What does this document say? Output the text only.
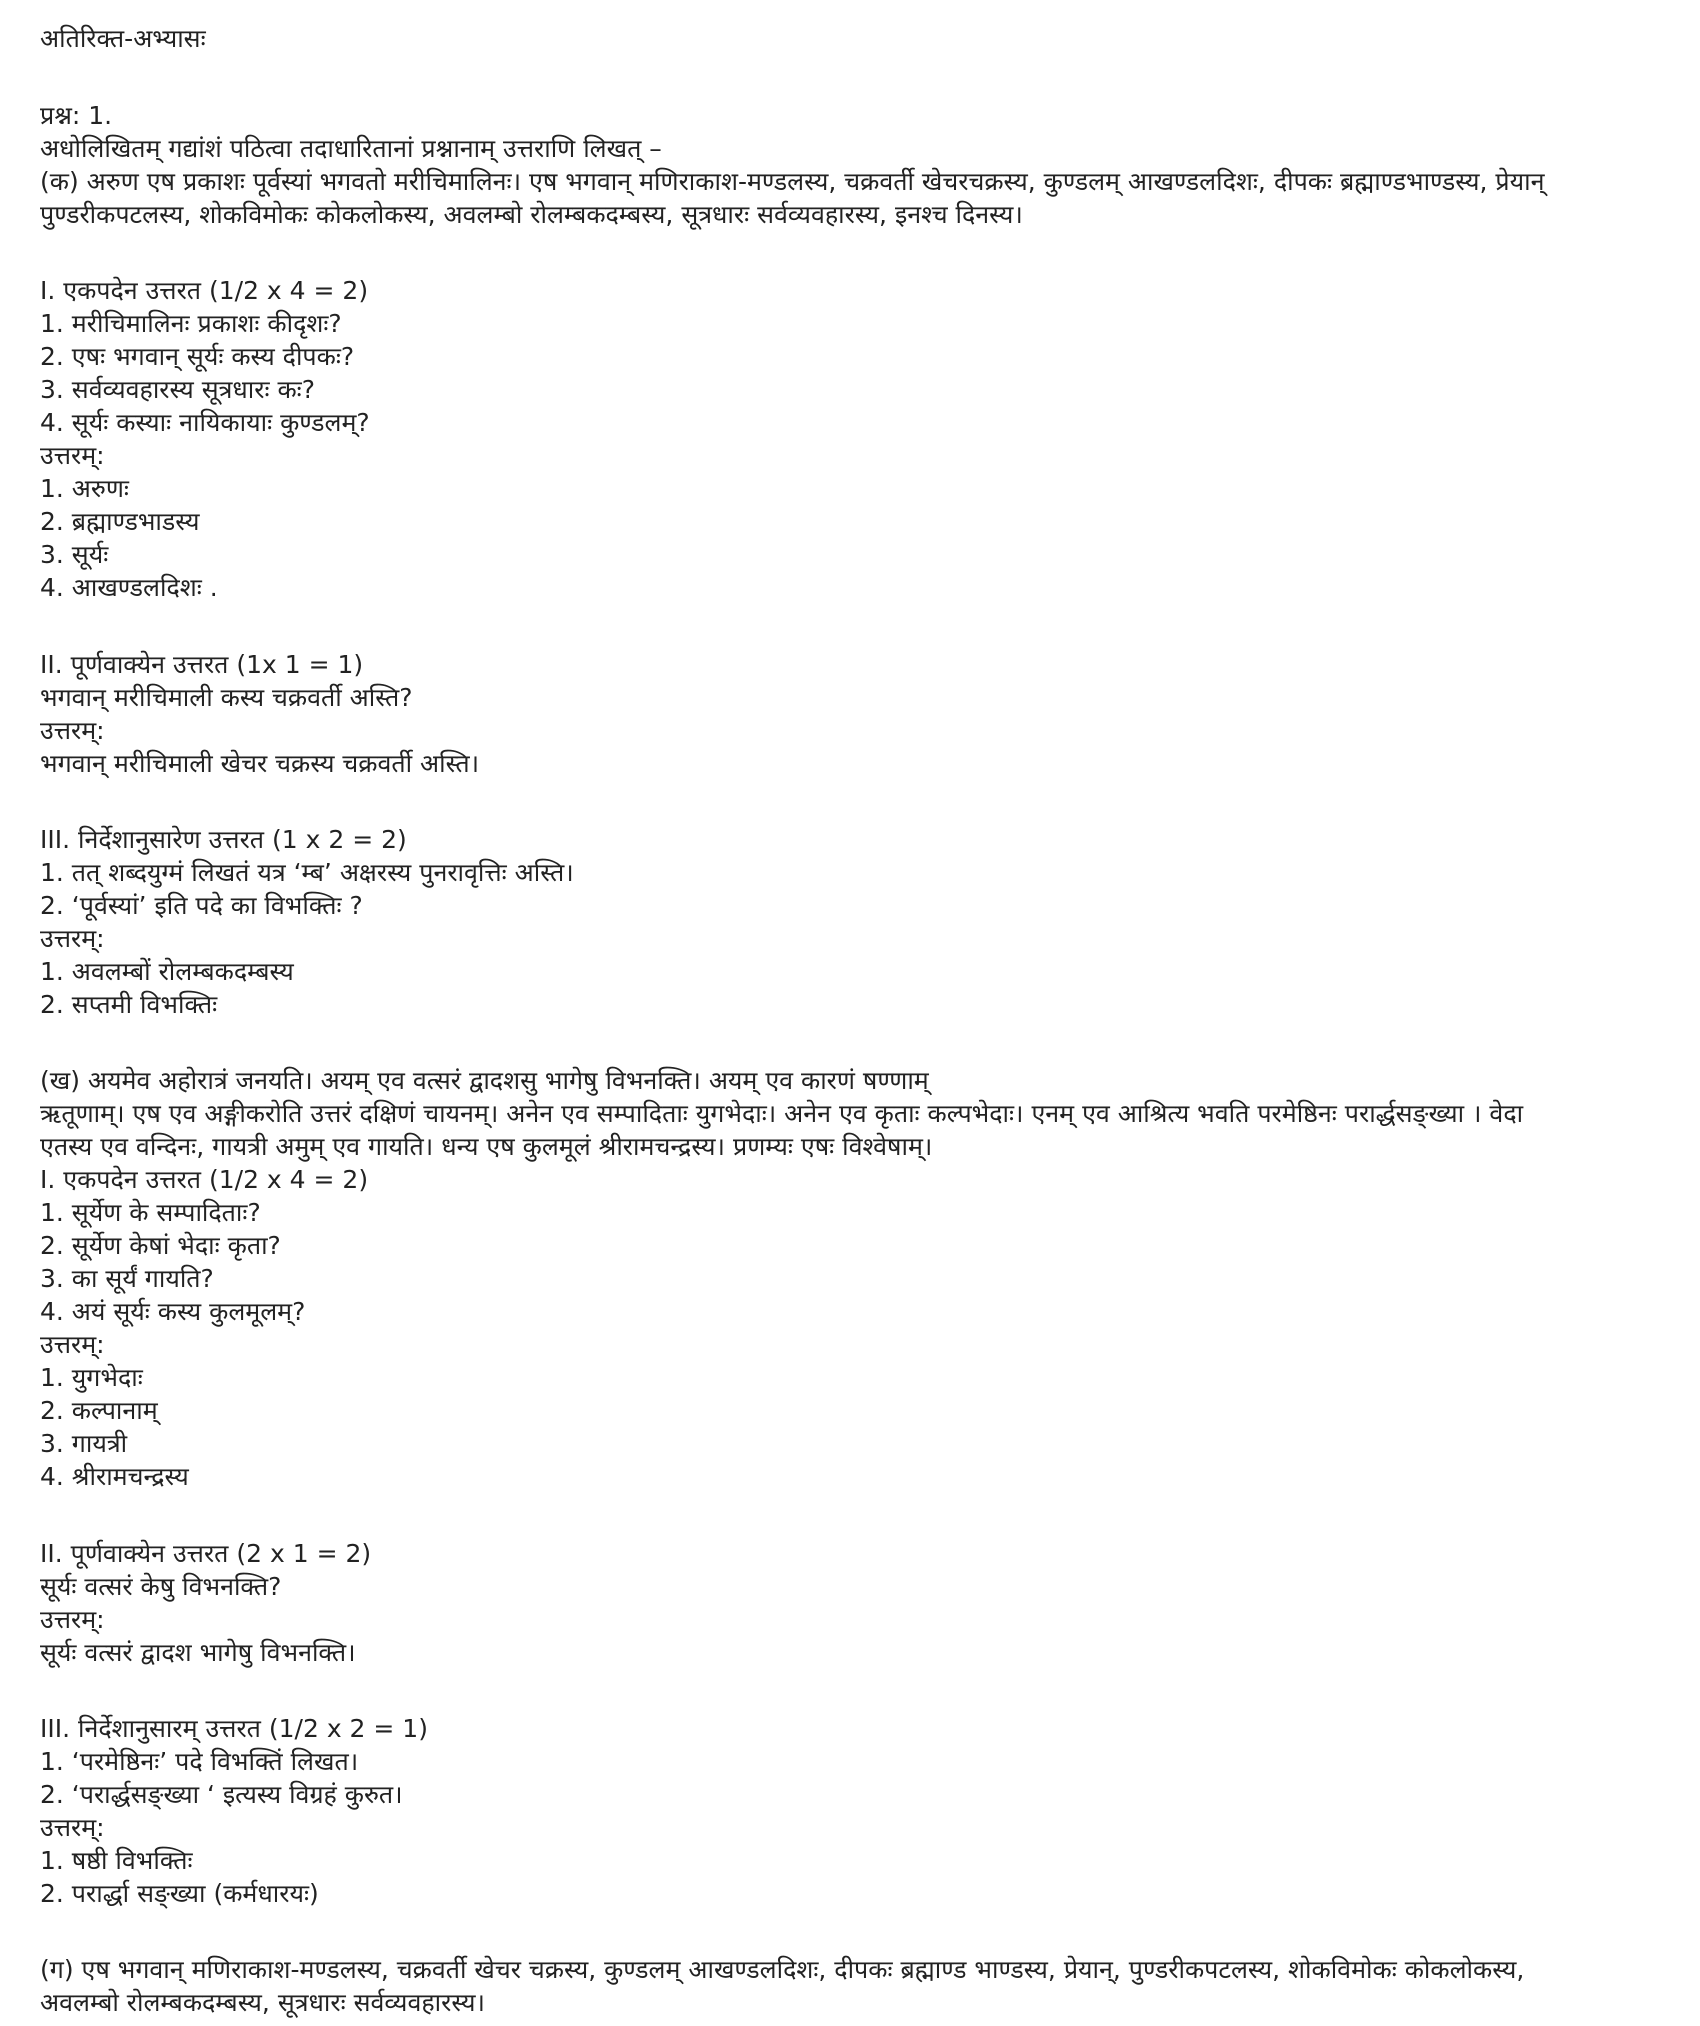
अतिरिक्त-अभ्यासः
प्रश्न: 1.
अधोलिखितम् गद्यांशं पठित्वा तदाधारितानां प्रश्नानाम् उत्तराणि लिखत् –
(क) अरुण एष प्रकाशः पूर्वस्यां भगवतो मरीचिमालिनः। एष भगवान् मणिराकाश-मण्डलस्य, चक्रवर्ती खेचरचक्रस्य, कुण्डलम् आखण्डलदिशः, दीपकः ब्रह्माण्डभाण्डस्य, प्रेयान्
पुण्डरीकपटलस्य, शोकविमोकः कोकलोकस्य, अवलम्बो रोलम्बकदम्बस्य, सूत्रधारः सर्वव्यवहारस्य, इनश्च दिनस्य।
I. एकपदेन उत्तरत (1/2 x 4 = 2)
1. मरीचिमालिनः प्रकाशः कीदृशः?
2. एषः भगवान् सूर्यः कस्य दीपकः?
3. सर्वव्यवहारस्य सूत्रधारः कः?
4. सूर्यः कस्याः नायिकायाः कुण्डलम्?
उत्तरम्:
1. अरुणः
2. ब्रह्माण्डभाडस्य
3. सूर्यः
4. आखण्डलदिशः .
II. पूर्णवाक्येन उत्तरत (1x 1 = 1)
भगवान् मरीचिमाली कस्य चक्रवर्ती अस्ति?
उत्तरम्:
भगवान् मरीचिमाली खेचर चक्रस्य चक्रवर्ती अस्ति।
III. निर्देशानुसारेण उत्तरत (1 x 2 = 2)
1. तत् शब्दयुग्मं लिखतं यत्र ‘म्ब’ अक्षरस्य पुनरावृत्तिः अस्ति।
2. ‘पूर्वस्यां’ इति पदे का विभक्तिः ?
उत्तरम्:
1. अवलम्बों रोलम्बकदम्बस्य
2. सप्तमी विभक्तिः
(ख) अयमेव अहोरात्रं जनयति। अयम् एव वत्सरं द्वादशसु भागेषु विभनक्ति। अयम् एव कारणं षण्णाम्
ऋतूणाम्। एष एव अङ्गीकरोति उत्तरं दक्षिणं चायनम्। अनेन एव सम्पादिताः युगभेदाः। अनेन एव कृताः कल्पभेदाः। एनम् एव आश्रित्य भवति परमेष्ठिनः परार्द्धसङ्ख्या । वेदा
एतस्य एव वन्दिनः, गायत्री अमुम् एव गायति। धन्य एष कुलमूलं श्रीरामचन्द्रस्य। प्रणम्यः एषः विश्वेषाम्।
I. एकपदेन उत्तरत (1/2 x 4 = 2)
1. सूर्येण के सम्पादिताः?
2. सूर्येण केषां भेदाः कृता?
3. का सूर्यं गायति?
4. अयं सूर्यः कस्य कुलमूलम्?
उत्तरम्:
1. युगभेदाः
2. कल्पानाम्
3. गायत्री
4. श्रीरामचन्द्रस्य
II. पूर्णवाक्येन उत्तरत (2 x 1 = 2)
सूर्यः वत्सरं केषु विभनक्ति?
उत्तरम्:
सूर्यः वत्सरं द्वादश भागेषु विभनक्ति।
III. निर्देशानुसारम् उत्तरत (1/2 x 2 = 1)
1. ‘परमेष्ठिनः’ पदे विभक्तिं लिखत।
2. ‘परार्द्धसङ्ख्या ‘ इत्यस्य विग्रहं कुरुत।
उत्तरम्:
1. षष्ठी विभक्तिः
2. परार्द्धा सङ्ख्या (कर्मधारयः)
(ग) एष भगवान् मणिराकाश-मण्डलस्य, चक्रवर्ती खेचर चक्रस्य, कुण्डलम् आखण्डलदिशः, दीपकः ब्रह्माण्ड भाण्डस्य, प्रेयान्, पुण्डरीकपटलस्य, शोकविमोकः कोकलोकस्य,
अवलम्बो रोलम्बकदम्बस्य, सूत्रधारः सर्वव्यवहारस्य।
